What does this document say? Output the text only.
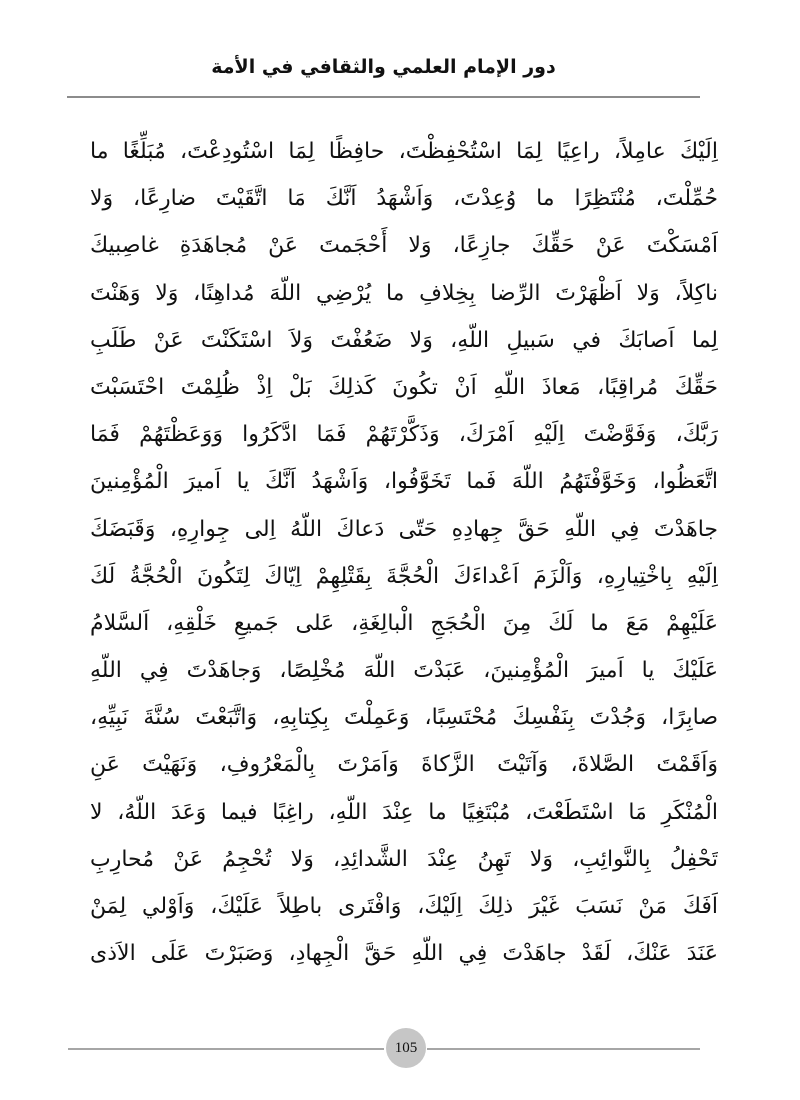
دور الإمام العلمي والثقافي في الأمة
اِلَيْكَ عامِلاً، راعِيًا لِمَا اسْتُحْفِظْتَ، حافِظًا لِمَا اسْتُودِعْتَ، مُبَلِّغًا ما
حُمِّلْتَ، مُنْتَظِرًا ما وُعِدْتَ، وَاَشْهَدُ اَنَّكَ مَا اتَّقَيْتَ ضارِعًا، وَلا
اَمْسَكْتَ عَنْ حَقِّكَ جازِعًا، وَلا أَحْجَمتَ عَنْ مُجاهَدَةِ غاصِبيكَ
ناكِلاً، وَلا اَظْهَرْتَ الرِّضا بِخِلافِ ما يُرْضِي اللّهَ مُداهِنًا، وَلا وَهَنْتَ
لِما اَصابَكَ في سَبيلِ اللّهِ، وَلا ضَعُفْتَ وَلاَ اسْتَكَنْتَ عَنْ طَلَبِ
حَقِّكَ مُراقِبًا، مَعاذَ اللّهِ اَنْ تكُونَ كَذلِكَ بَلْ اِذْ ظُلِمْتَ احْتَسَبْتَ
رَبَّكَ، وَفَوَّضْتَ اِلَيْهِ اَمْرَكَ، وَذَكَّرْتَهُمْ فَمَا ادَّكَرُوا وَوَعَظْتَهُمْ فَمَا
اتَّعَظُوا، وَخَوَّفْتَهُمُ اللّهَ فَما تَخَوَّفُوا، وَاَشْهَدُ اَنَّكَ يا اَميرَ الْمُؤْمِنينَ
جاهَدْتَ فِي اللّهِ حَقَّ جِهادِهِ حَتّى دَعاكَ اللّهُ اِلى جِوارِهِ، وَقَبَضَكَ
اِلَيْهِ بِاخْتِيارِهِ، وَاَلْزَمَ اَعْداءَكَ الْحُجَّةَ بِقَتْلِهِمْ اِيّاكَ لِتَكُونَ الْحُجَّةُ لَكَ
عَلَيْهِمْ مَعَ ما لَكَ مِنَ الْحُجَجِ الْبالِغَةِ، عَلى جَميعِ خَلْقِهِ، اَلسَّلامُ
عَلَيْكَ يا اَميرَ الْمُؤْمِنينَ، عَبَدْتَ اللّهَ مُخْلِصًا، وَجاهَدْتَ فِي اللّهِ
صابِرًا، وَجُدْتَ بِنَفْسِكَ مُحْتَسِبًا، وَعَمِلْتَ بِكِتابِهِ، وَاتَّبَعْتَ سُنَّةَ نَبِيِّهِ،
وَاَقَمْتَ الصَّلاةَ، وَآتَيْتَ الزَّكاةَ وَاَمَرْتَ بِالْمَعْرُوفِ، وَنَهَيْتَ عَنِ
الْمُنْكَرِ مَا اسْتَطَعْتَ، مُبْتَغِيًا ما عِنْدَ اللّهِ، راغِبًا فيما وَعَدَ اللّهُ، لا
تَحْفِلُ بِالنَّوائِبِ، وَلا تَهِنُ عِنْدَ الشَّدائِدِ، وَلا تُحْجِمُ عَنْ مُحارِبِ
اَفَكَ مَنْ نَسَبَ غَيْرَ ذلِكَ اِلَيْكَ، وَافْتَرى باطِلاً عَلَيْكَ، وَاَوْلي لِمَنْ
عَنَدَ عَنْكَ، لَقَدْ جاهَدْتَ فِي اللّهِ حَقَّ الْجِهادِ، وَصَبَرْتَ عَلَى الاَذى
105
